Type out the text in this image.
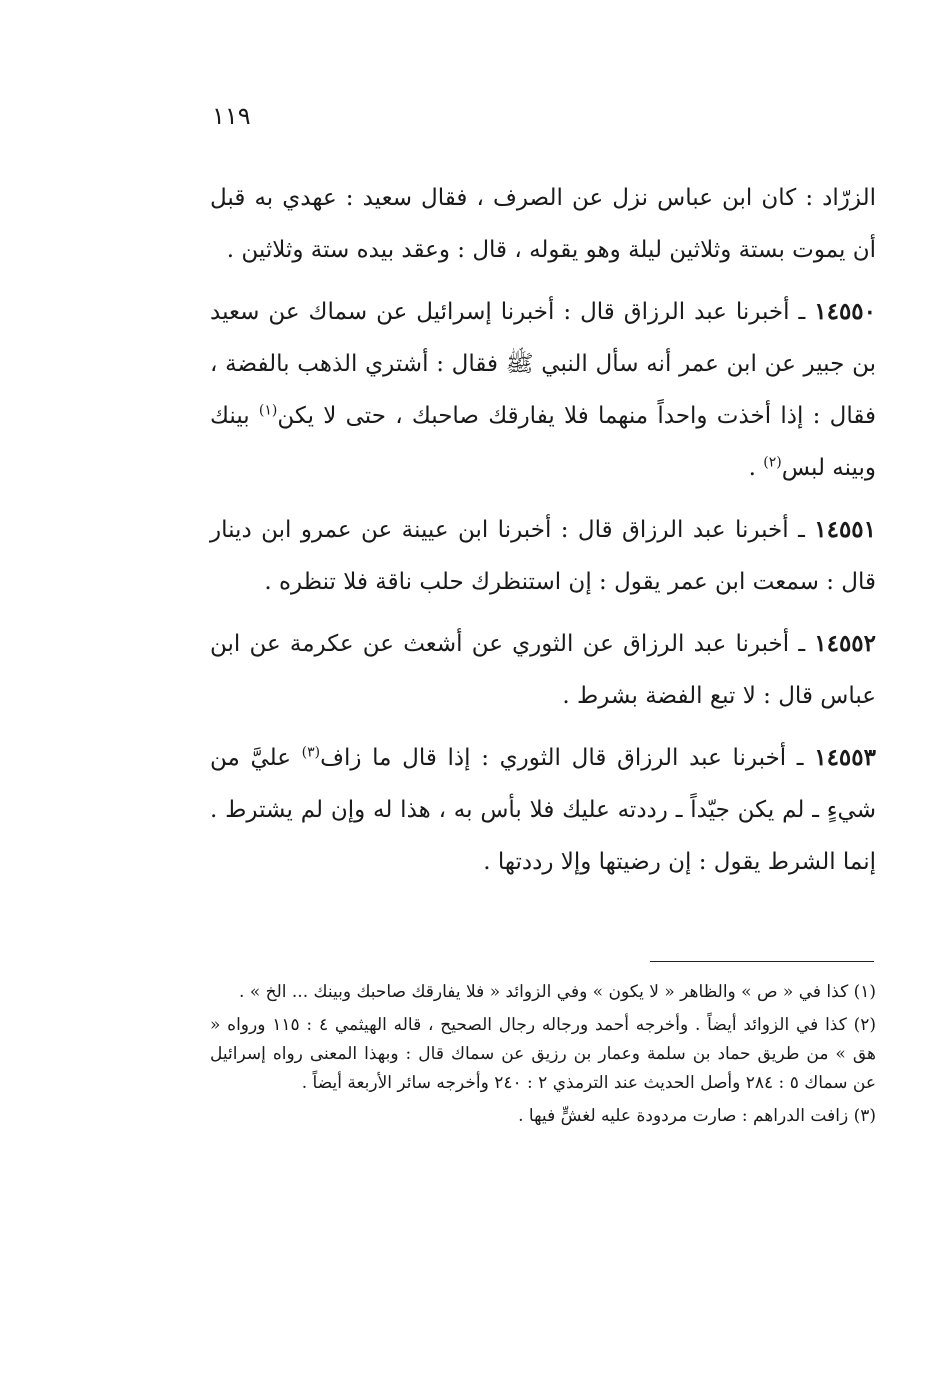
١١٩

الزرّاد : كان ابن عباس نزل عن الصرف ، فقال سعيد : عهدي به قبل أن يموت بستة وثلاثين ليلة وهو يقوله ، قال : وعقد بيده ستة وثلاثين .

١٤٥٥٠ ـ أخبرنا عبد الرزاق قال : أخبرنا إسرائيل عن سماك عن سعيد بن جبير عن ابن عمر أنه سأل النبي ﷺ فقال : أشتري الذهب بالفضة ، فقال : إذا أخذت واحداً منهما فلا يفارقك صاحبك ، حتى لا يكن$^{(١)}$ بينك وبينه لبس$^{(٢)}$ .

١٤٥٥١ ـ أخبرنا عبد الرزاق قال : أخبرنا ابن عيينة عن عمرو ابن دينار قال : سمعت ابن عمر يقول : إن استنظرك حلب ناقة فلا تنظره .

١٤٥٥٢ ـ أخبرنا عبد الرزاق عن الثوري عن أشعث عن عكرمة عن ابن عباس قال : لا تبع الفضة بشرط .

١٤٥٥٣ ـ أخبرنا عبد الرزاق قال الثوري : إذا قال ما زاف$^{(٣)}$ عليَّ من شيءٍ ـ لم يكن جيّداً ـ رددته عليك فلا بأس به ، هذا له وإن لم يشترط . إنما الشرط يقول : إن رضيتها وإلا رددتها .

(١) كذا في « ص » والظاهر « لا يكون » وفي الزوائد « فلا يفارقك صاحبك وبينك ... الخ » .

(٢) كذا في الزوائد أيضاً . وأخرجه أحمد ورجاله رجال الصحيح ، قاله الهيثمي ٤ : ١١٥ ورواه « هق » من طريق حماد بن سلمة وعمار بن رزيق عن سماك قال : وبهذا المعنى رواه إسرائيل عن سماك ٥ : ٢٨٤ وأصل الحديث عند الترمذي ٢ : ٢٤٠ وأخرجه سائر الأربعة أيضاً .

(٣) زافت الدراهم : صارت مردودة عليه لغشٍّ فيها .
